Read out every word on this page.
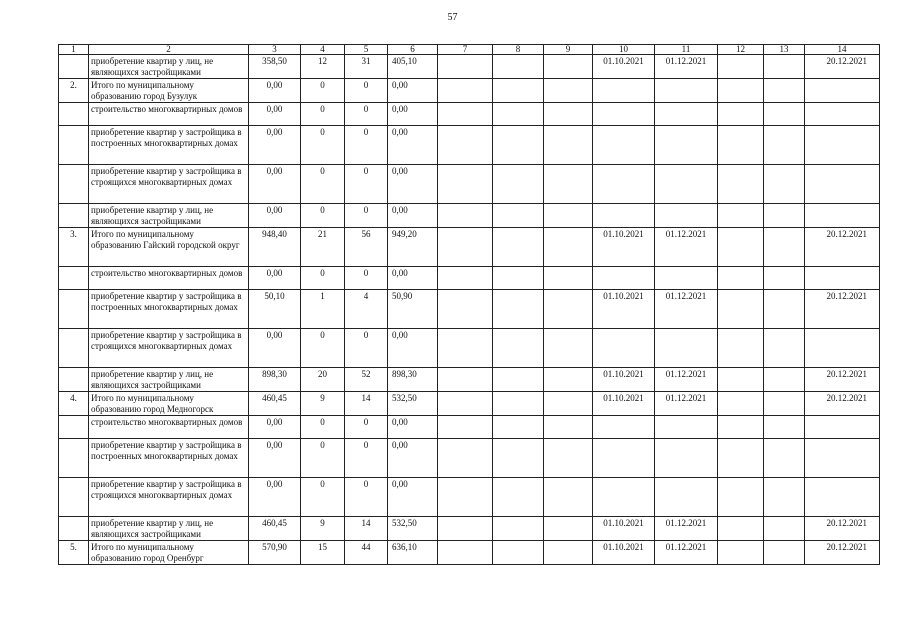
57
1	2	3	4	5	6	7	8	9	10	11	12	13	14
	приобретение квартир у лиц, не являющихся застройщиками	358,50	12	31	405,10				01.10.2021	01.12.2021			20.12.2021
2.	Итого по муниципальному образованию город Бузулук	0,00	0	0	0,00								
	строительство многоквартирных домов	0,00	0	0	0,00								
	приобретение квартир у застройщика в построенных многоквартирных домах	0,00	0	0	0,00								
	приобретение квартир у застройщика в строящихся многоквартирных домах	0,00	0	0	0,00								
	приобретение квартир у лиц, не являющихся застройщиками	0,00	0	0	0,00								
3.	Итого по муниципальному образованию Гайский городской округ	948,40	21	56	949,20				01.10.2021	01.12.2021			20.12.2021
	строительство многоквартирных домов	0,00	0	0	0,00								
	приобретение квартир у застройщика в построенных многоквартирных домах	50,10	1	4	50,90				01.10.2021	01.12.2021			20.12.2021
	приобретение квартир у застройщика в строящихся многоквартирных домах	0,00	0	0	0,00								
	приобретение квартир у лиц, не являющихся застройщиками	898,30	20	52	898,30				01.10.2021	01.12.2021			20.12.2021
4.	Итого по муниципальному образованию город Медногорск	460,45	9	14	532,50				01.10.2021	01.12.2021			20.12.2021
	строительство многоквартирных домов	0,00	0	0	0,00								
	приобретение квартир у застройщика в построенных многоквартирных домах	0,00	0	0	0,00								
	приобретение квартир у застройщика в строящихся многоквартирных домах	0,00	0	0	0,00								
	приобретение квартир у лиц, не являющихся застройщиками	460,45	9	14	532,50				01.10.2021	01.12.2021			20.12.2021
5.	Итого по муниципальному образованию город Оренбург	570,90	15	44	636,10				01.10.2021	01.12.2021			20.12.2021
